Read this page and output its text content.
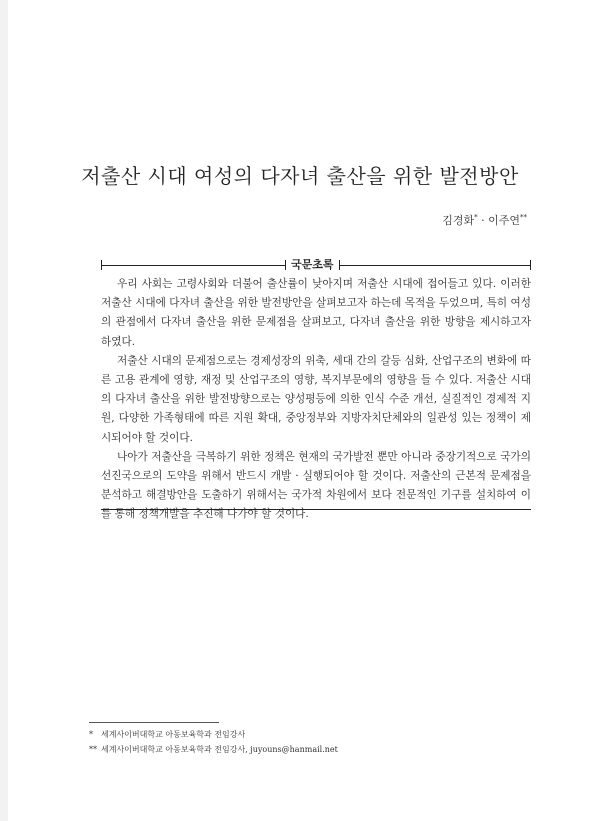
저출산 시대 여성의 다자녀 출산을 위한 발전방안
김경화* · 이주연**
국문초록

우리 사회는 고령사회와 더불어 출산률이 낮아지며 저출산 시대에 접어들고 있다. 이러한 저출산 시대에 다자녀 출산을 위한 발전방안을 살펴보고자 하는데 목적을 두었으며, 특히 여성의 관점에서 다자녀 출산을 위한 문제점을 살펴보고, 다자녀 출산을 위한 방향을 제시하고자 하였다.

저출산 시대의 문제점으로는 경제성장의 위축, 세대 간의 갈등 심화, 산업구조의 변화에 따른 고용 관계에 영향, 재정 및 산업구조의 영향, 복지부문에의 영향을 들 수 있다. 저출산 시대의 다자녀 출산을 위한 발전방향으로는 양성평등에 의한 인식 수준 개선, 실질적인 경제적 지원, 다양한 가족형태에 따른 지원 확대, 중앙정부와 지방자치단체와의 일관성 있는 정책이 제시되어야 할 것이다.

나아가 저출산을 극복하기 위한 정책은 현재의 국가발전 뿐만 아니라 중장기적으로 국가의 선진국으로의 도약을 위해서 반드시 개발 · 실행되어야 할 것이다. 저출산의 근본적 문제점을 분석하고 해결방안을 도출하기 위해서는 국가적 차원에서 보다 전문적인 기구를 설치하여 이를 통해 정책개발을 추진해 나가야 할 것이다.

*	세계사이버대학교 아동보육학과 전임강사
** 세계사이버대학교 아동보육학과 전임강사, juyouns@hanmail.net
